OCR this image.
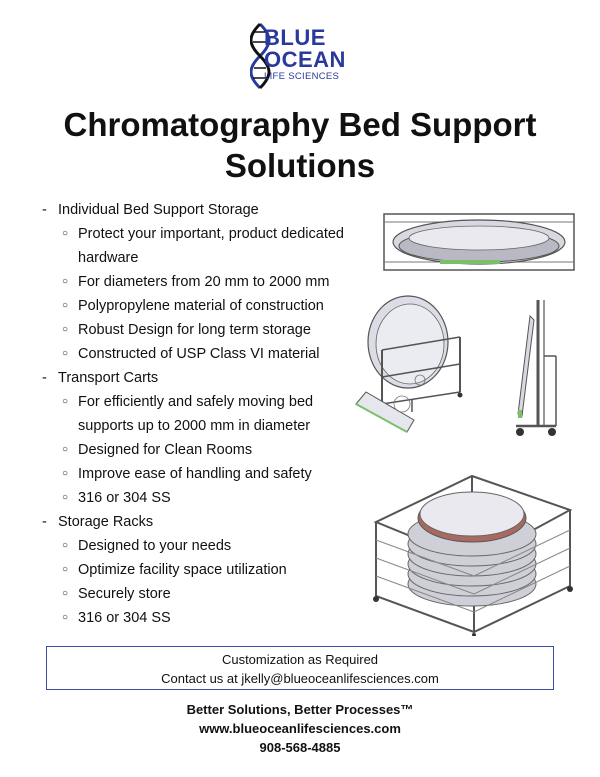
BLUE
OCEAN
LIFE SCIENCES
Chromatography Bed Support
Solutions
- Individual Bed Support Storage
○ Protect your important, product dedicated hardware
○ For diameters from 20 mm to 2000 mm
○ Polypropylene material of construction
○ Robust Design for long term storage
○ Constructed of USP Class VI material
- Transport Carts
○ For efficiently and safely moving bed supports up to 2000 mm in diameter
○ Designed for Clean Rooms
○ Improve ease of handling and safety
○ 316 or 304 SS
- Storage Racks
○ Designed to your needs
○ Optimize facility space utilization
○ Securely store
○ 316 or 304 SS
Customization as Required
Contact us at jkelly@blueoceanlifesciences.com
Better Solutions, Better Processes™
www.blueoceanlifesciences.com
908-568-4885
